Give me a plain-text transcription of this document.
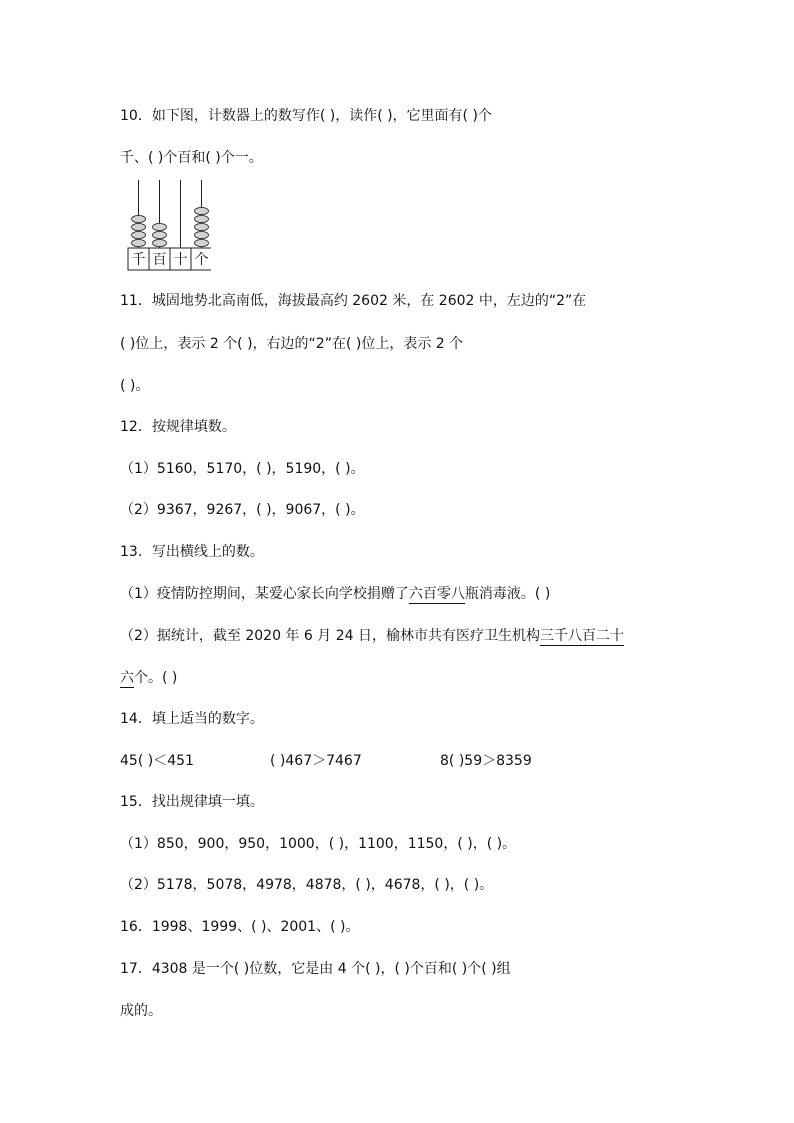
10．如下图，计数器上的数写作( )，读作( )，它里面有( )个
千、( )个百和( )个一。
千 百 十 个
11．城固地势北高南低，海拔最高约 2602 米，在 2602 中，左边的“2”在
( )位上，表示 2 个( )，右边的“2”在( )位上，表示 2 个
( )。
12．按规律填数。
（1）5160，5170，( )，5190，( )。
（2）9367，9267，( )，9067，( )。
13．写出横线上的数。
（1）疫情防控期间，某爱心家长向学校捐赠了六百零八瓶消毒液。( )
（2）据统计，截至 2020 年 6 月 24 日，榆林市共有医疗卫生机构三千八百二十
六个。( )
14．填上适当的数字。
45( )＜451	( )467＞7467	8( )59＞8359
15．找出规律填一填。
（1）850，900，950，1000，( )，1100，1150，( )，( )。
（2）5178，5078，4978，4878，( )，4678，( )，( )。
16．1998、1999、( )、2001、( )。
17．4308 是一个( )位数，它是由 4 个( )，( )个百和( )个( )组
成的。
